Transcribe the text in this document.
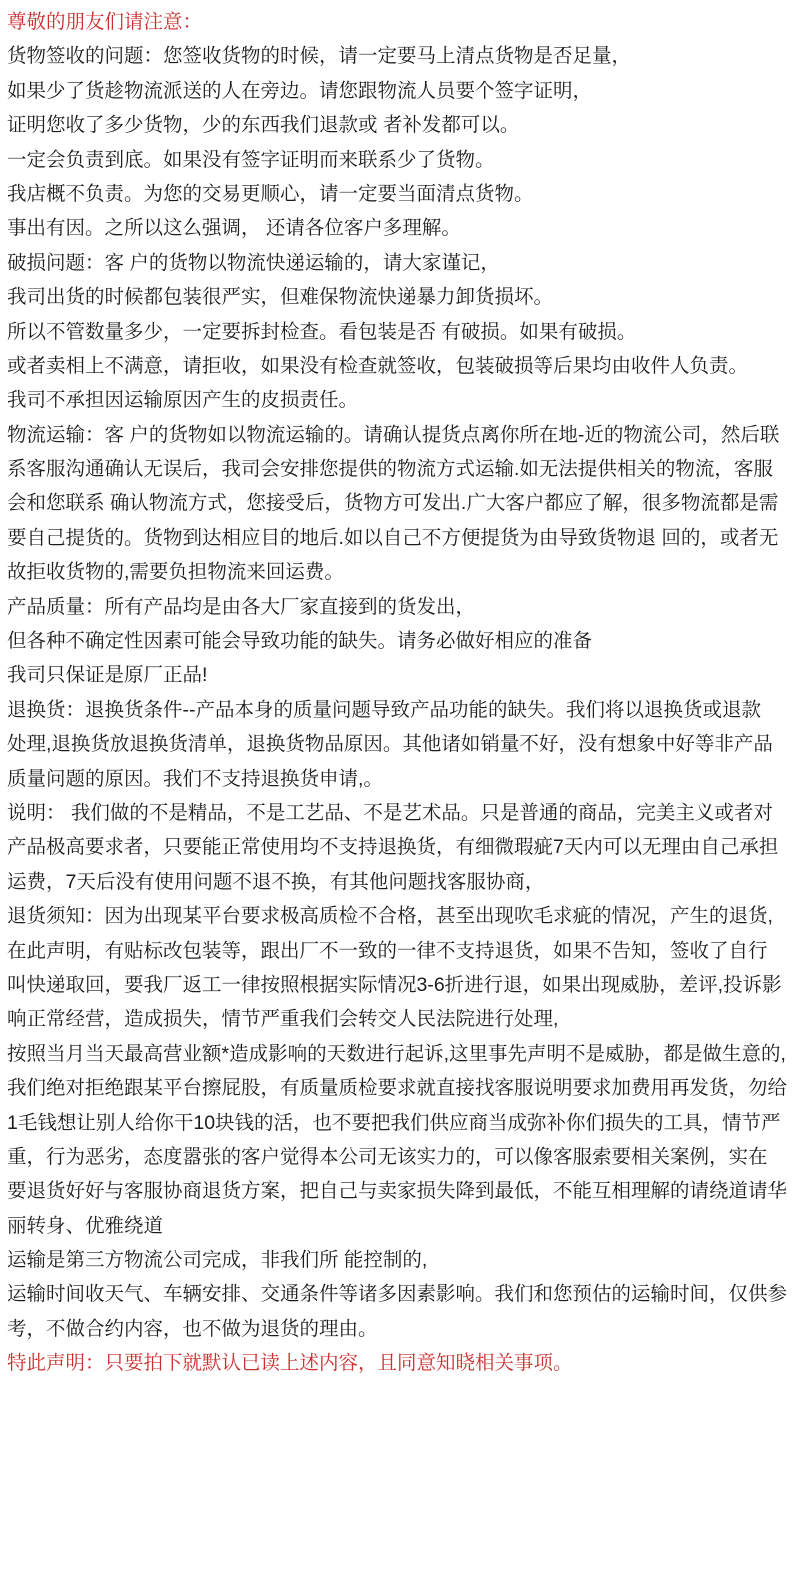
尊敬的朋友们请注意：
货物签收的问题：您签收货物的时候，请一定要马上清点货物是否足量，
如果少了货趁物流派送的人在旁边。请您跟物流人员要个签字证明，
证明您收了多少货物，少的东西我们退款或 者补发都可以。
一定会负责到底。如果没有签字证明而来联系少了货物。
我店概不负责。为您的交易更顺心，请一定要当面清点货物。
事出有因。之所以这么强调， 还请各位客户多理解。
破损问题：客 户的货物以物流快递运输的，请大家谨记，
我司出货的时候都包装很严实，但难保物流快递暴力卸货损坏。
所以不管数量多少，一定要拆封检查。看包装是否 有破损。如果有破损。
或者卖相上不满意，请拒收，如果没有检查就签收，包装破损等后果均由收件人负责。
我司不承担因运输原因产生的皮损责任。
物流运输：客 户的货物如以物流运输的。请确认提货点离你所在地-近的物流公司，然后联
系客服沟通确认无误后，我司会安排您提供的物流方式运输.如无法提供相关的物流，客服
会和您联系 确认物流方式，您接受后，货物方可发出.广大客户都应了解，很多物流都是需
要自己提货的。货物到达相应目的地后.如以自己不方便提货为由导致货物退 回的，或者无
故拒收货物的,需要负担物流来回运费。
产品质量：所有产品均是由各大厂家直接到的货发出，
但各种不确定性因素可能会导致功能的缺失。请务必做好相应的准备
我司只保证是原厂正品!
退换货：退换货条件--产品本身的质量问题导致产品功能的缺失。我们将以退换货或退款
处理,退换货放退换货清单，退换货物品原因。其他诸如销量不好，没有想象中好等非产品
质量问题的原因。我们不支持退换货申请,。
说明： 我们做的不是精品，不是工艺品、不是艺术品。只是普通的商品，完美主义或者对
产品极高要求者，只要能正常使用均不支持退换货，有细微瑕疵7天内可以无理由自己承担
运费，7天后没有使用问题不退不换，有其他问题找客服协商，
退货须知：因为出现某平台要求极高质检不合格，甚至出现吹毛求疵的情况，产生的退货,
在此声明，有贴标改包装等，跟出厂不一致的一律不支持退货，如果不告知，签收了自行
叫快递取回，要我厂返工一律按照根据实际情况3-6折进行退，如果出现威胁，差评,投诉影
响正常经营，造成损失，情节严重我们会转交人民法院进行处理,
按照当月当天最高营业额*造成影响的天数进行起诉,这里事先声明不是威胁，都是做生意的,
我们绝对拒绝跟某平台擦屁股，有质量质检要求就直接找客服说明要求加费用再发货，勿给
1毛钱想让别人给你干10块钱的活，也不要把我们供应商当成弥补你们损失的工具，情节严
重，行为恶劣，态度嚣张的客户觉得本公司无该实力的，可以像客服索要相关案例，实在
要退货好好与客服协商退货方案，把自己与卖家损失降到最低，不能互相理解的请绕道请华
丽转身、优雅绕道
运输是第三方物流公司完成，非我们所 能控制的,
运输时间收天气、车辆安排、交通条件等诸多因素影响。我们和您预估的运输时间，仅供参
考，不做合约内容，也不做为退货的理由。
特此声明：只要拍下就默认已读上述内容，且同意知晓相关事项。
